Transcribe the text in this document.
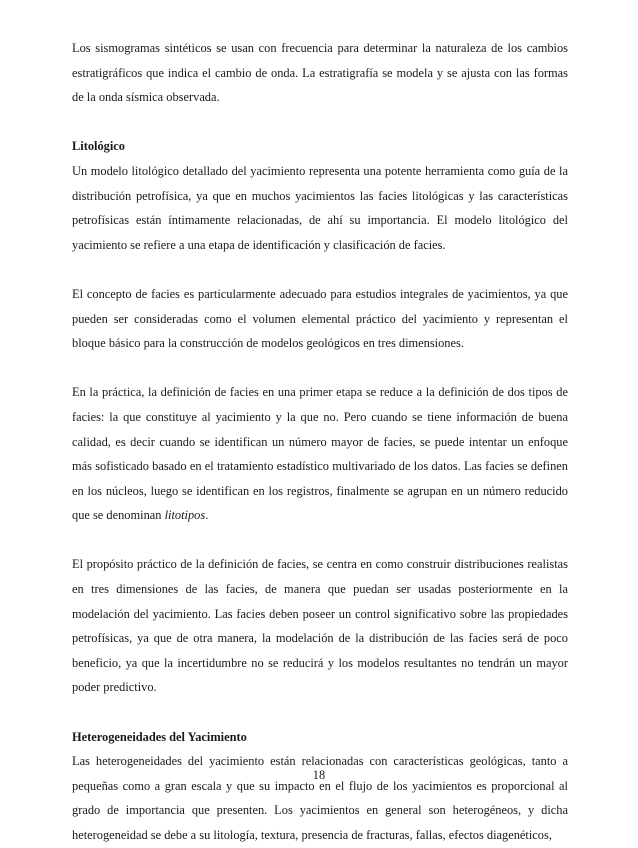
Los sismogramas sintéticos se usan con frecuencia para determinar la naturaleza de los cambios estratigráficos que indica el cambio de onda. La estratigrafía se modela y se ajusta con las formas de la onda sísmica observada.

Litológico

Un modelo litológico detallado del yacimiento representa una potente herramienta como guía de la distribución petrofísica, ya que en muchos yacimientos las facies litológicas y las características petrofísicas están íntimamente relacionadas, de ahí su importancia. El modelo litológico del yacimiento se refiere a una etapa de identificación y clasificación de facies.

El concepto de facies es particularmente adecuado para estudios integrales de yacimientos, ya que pueden ser consideradas como el volumen elemental práctico del yacimiento y representan el bloque básico para la construcción de modelos geológicos en tres dimensiones.

En la práctica, la definición de facies en una primer etapa se reduce a la definición de dos tipos de facies: la que constituye al yacimiento y la que no. Pero cuando se tiene información de buena calidad, es decir cuando se identifican un número mayor de facies, se puede intentar un enfoque más sofisticado basado en el tratamiento estadístico multivariado de los datos. Las facies se definen en los núcleos, luego se identifican en los registros, finalmente se agrupan en un número reducido que se denominan litotipos.

El propósito práctico de la definición de facies, se centra en como construir distribuciones realistas en tres dimensiones de las facies, de manera que puedan ser usadas posteriormente en la modelación del yacimiento. Las facies deben poseer un control significativo sobre las propiedades petrofísicas, ya que de otra manera, la modelación de la distribución de las facies será de poco beneficio, ya que la incertidumbre no se reducirá y los modelos resultantes no tendrán un mayor poder predictivo.

Heterogeneidades del Yacimiento

Las heterogeneidades del yacimiento están relacionadas con características geológicas, tanto a pequeñas como a gran escala y que su impacto en el flujo de los yacimientos es proporcional al grado de importancia que presenten. Los yacimientos en general son heterogéneos, y dicha heterogeneidad se debe a su litología, textura, presencia de fracturas, fallas, efectos diagenéticos,

18
